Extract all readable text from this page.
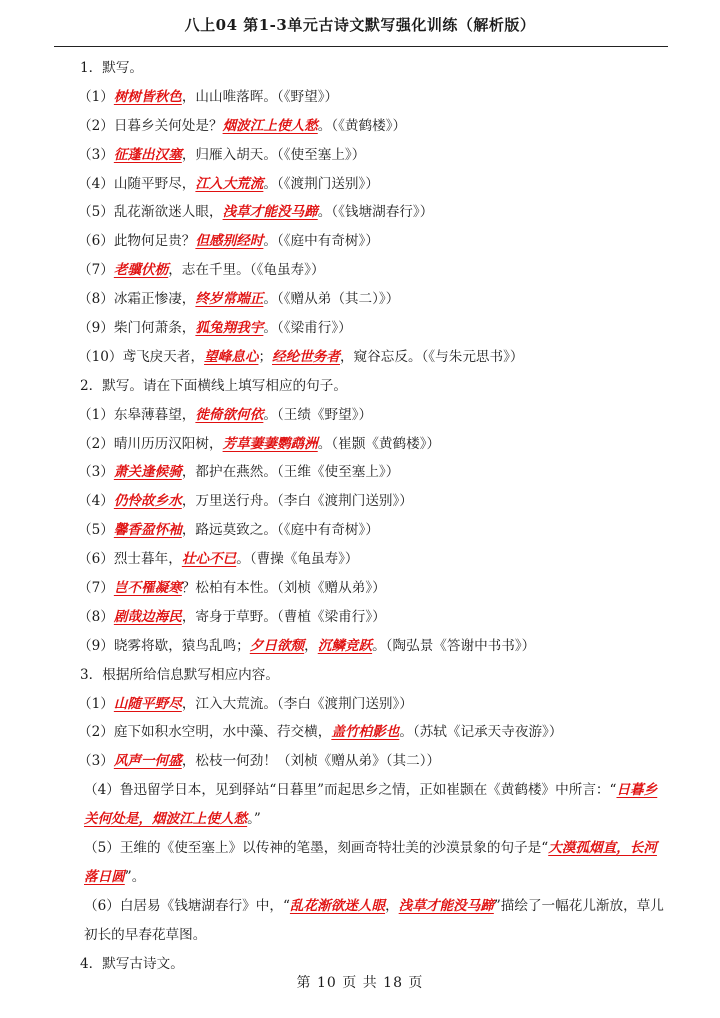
八上04 第1-3单元古诗文默写强化训练（解析版）
1．默写。
（1）树树皆秋色，山山唯落晖。（《野望》）
（2）日暮乡关何处是？烟波江上使人愁。（《黄鹤楼》）
（3）征蓬出汉塞，归雁入胡天。（《使至塞上》）
（4）山随平野尽，江入大荒流。（《渡荆门送别》）
（5）乱花渐欲迷人眼，浅草才能没马蹄。（《钱塘湖春行》）
（6）此物何足贵？但感别经时。（《庭中有奇树》）
（7）老骥伏枥，志在千里。（《龟虽寿》）
（8）冰霜正惨凄，终岁常端正。（《赠从弟（其二）》）
（9）柴门何萧条，狐兔翔我宇。（《梁甫行》）
（10）鸢飞戾天者，望峰息心；经纶世务者，窥谷忘反。（《与朱元思书》）
2．默写。请在下面横线上填写相应的句子。
（1）东皋薄暮望，徙倚欲何依。（王绩《野望》）
（2）晴川历历汉阳树，芳草萋萋鹦鹉洲。（崔颢《黄鹤楼》）
（3）萧关逢候骑，都护在燕然。（王维《使至塞上》）
（4）仍怜故乡水，万里送行舟。（李白《渡荆门送别》）
（5）馨香盈怀袖，路远莫致之。（《庭中有奇树》）
（6）烈士暮年，壮心不已。（曹操《龟虽寿》）
（7）岂不罹凝寒？松柏有本性。（刘桢《赠从弟》）
（8）剧哉边海民，寄身于草野。（曹植《梁甫行》）
（9）晓雾将歇，猿鸟乱鸣；夕日欲颓，沉鳞竞跃。（陶弘景《答谢中书书》）
3．根据所给信息默写相应内容。
（1）山随平野尽，江入大荒流。（李白《渡荆门送别》）
（2）庭下如积水空明，水中藻、荇交横，盖竹柏影也。（苏轼《记承天寺夜游》）
（3）风声一何盛，松枝一何劲！（刘桢《赠从弟》（其二））
（4）鲁迅留学日本，见到驿站“日暮里”而起思乡之情，正如崔颢在《黄鹤楼》中所言：“日暮乡关何处是，烟波江上使人愁。”
（5）王维的《使至塞上》以传神的笔墨，刻画奇特壮美的沙漠景象的句子是“大漠孤烟直，长河落日圆”。
（6）白居易《钱塘湖春行》中，“乱花渐欲迷人眼，浅草才能没马蹄”描绘了一幅花儿渐放，草儿初长的早春花草图。
4．默写古诗文。
第 10 页 共 18 页
